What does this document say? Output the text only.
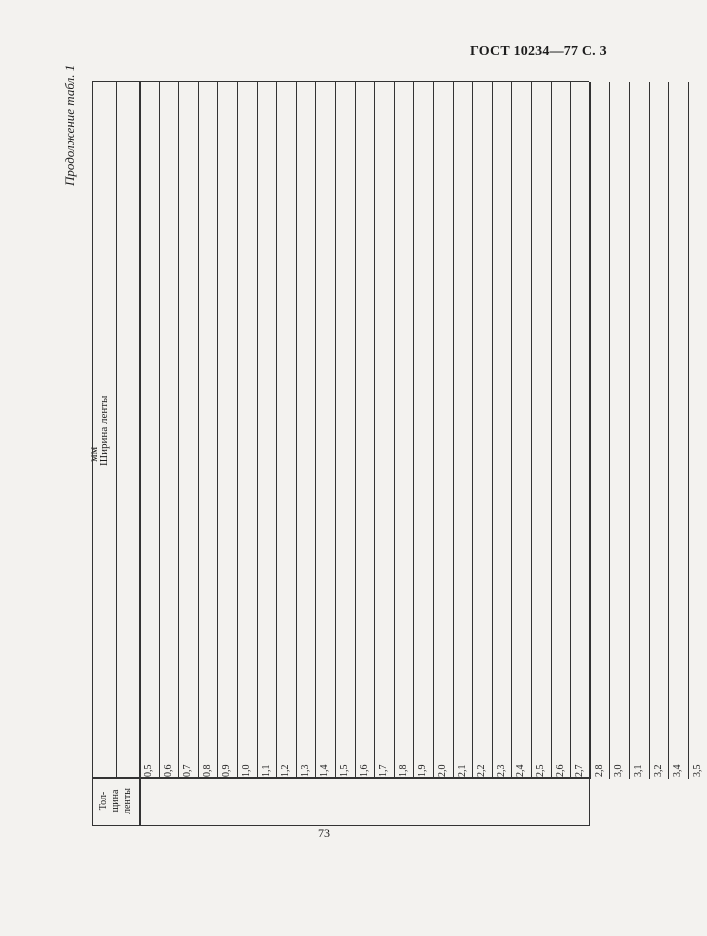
ГОСТ 10234—77 С. 3
Продолжение табл. 1
мм
Тол-
щина
ленты
Ширина ленты
0,5 0,6 0,7 0,8 0,9 1,0 1,1 1,2 1,3 1,4 1,5 1,6 1,7 1,8 1,9 2,0 2,1 2,2 2,3 2,4 2,5 2,6 2,7 2,8 3,0 3,1 3,2 3,4 3,5
73
